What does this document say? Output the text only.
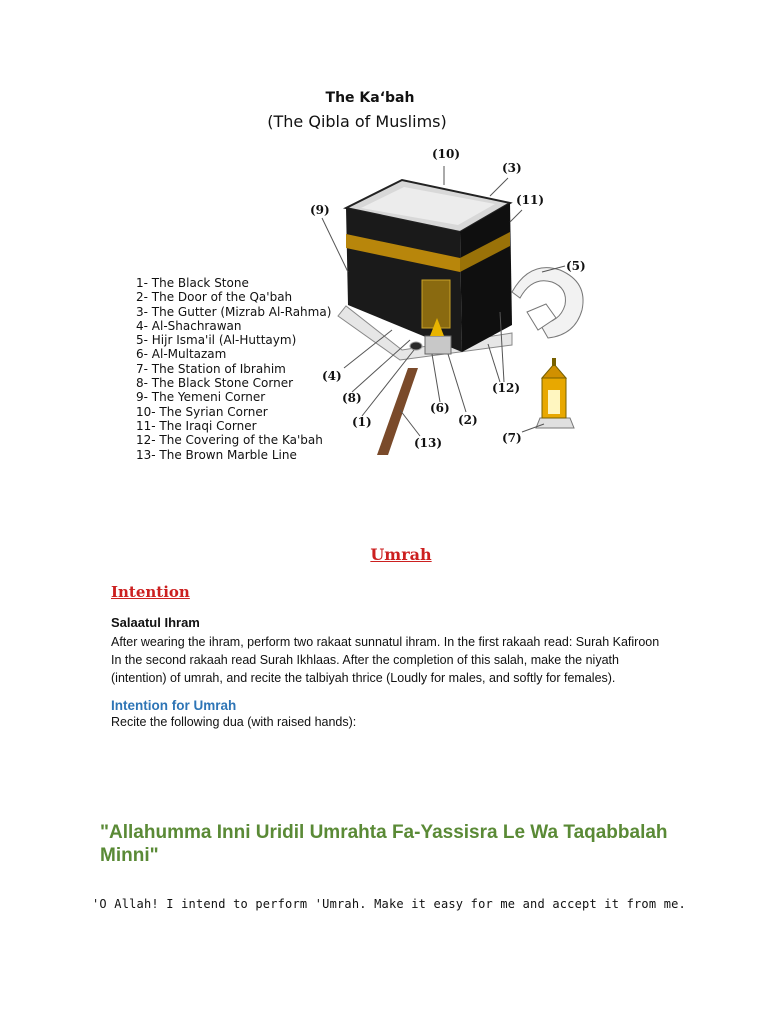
The Ka‘bah
(The Qibla of Muslims)
1- The Black Stone
2- The Door of the Qa'bah
3- The Gutter (Mizrab Al-Rahma)
4- Al-Shachrawan
5- Hijr Isma'il (Al-Huttaym)
6- Al-Multazam
7- The Station of Ibrahim
8- The Black Stone Corner
9- The Yemeni Corner
10- The Syrian Corner
11- The Iraqi Corner
12- The Covering of the Ka'bah
13- The Brown Marble Line
(10)
(3)
(11)
(9)
(5)
(4)
(8)
(1)
(6)
(2)
(12)
(13)	(7)
Umrah
Intention
Salaatul Ihram
After wearing the ihram, perform two rakaat sunnatul ihram. In the first rakaah read: Surah Kafiroon
In the second rakaah read Surah Ikhlaas. After the completion of this salah, make the niyath
(intention) of umrah, and recite the talbiyah thrice (Loudly for males, and softly for females).
Intention for Umrah
Recite the following dua (with raised hands):
"Allahumma Inni Uridil Umrahta Fa-Yassisra Le Wa Taqabbalah Minni"
'O Allah! I intend to perform 'Umrah. Make it easy for me and accept it from me.
